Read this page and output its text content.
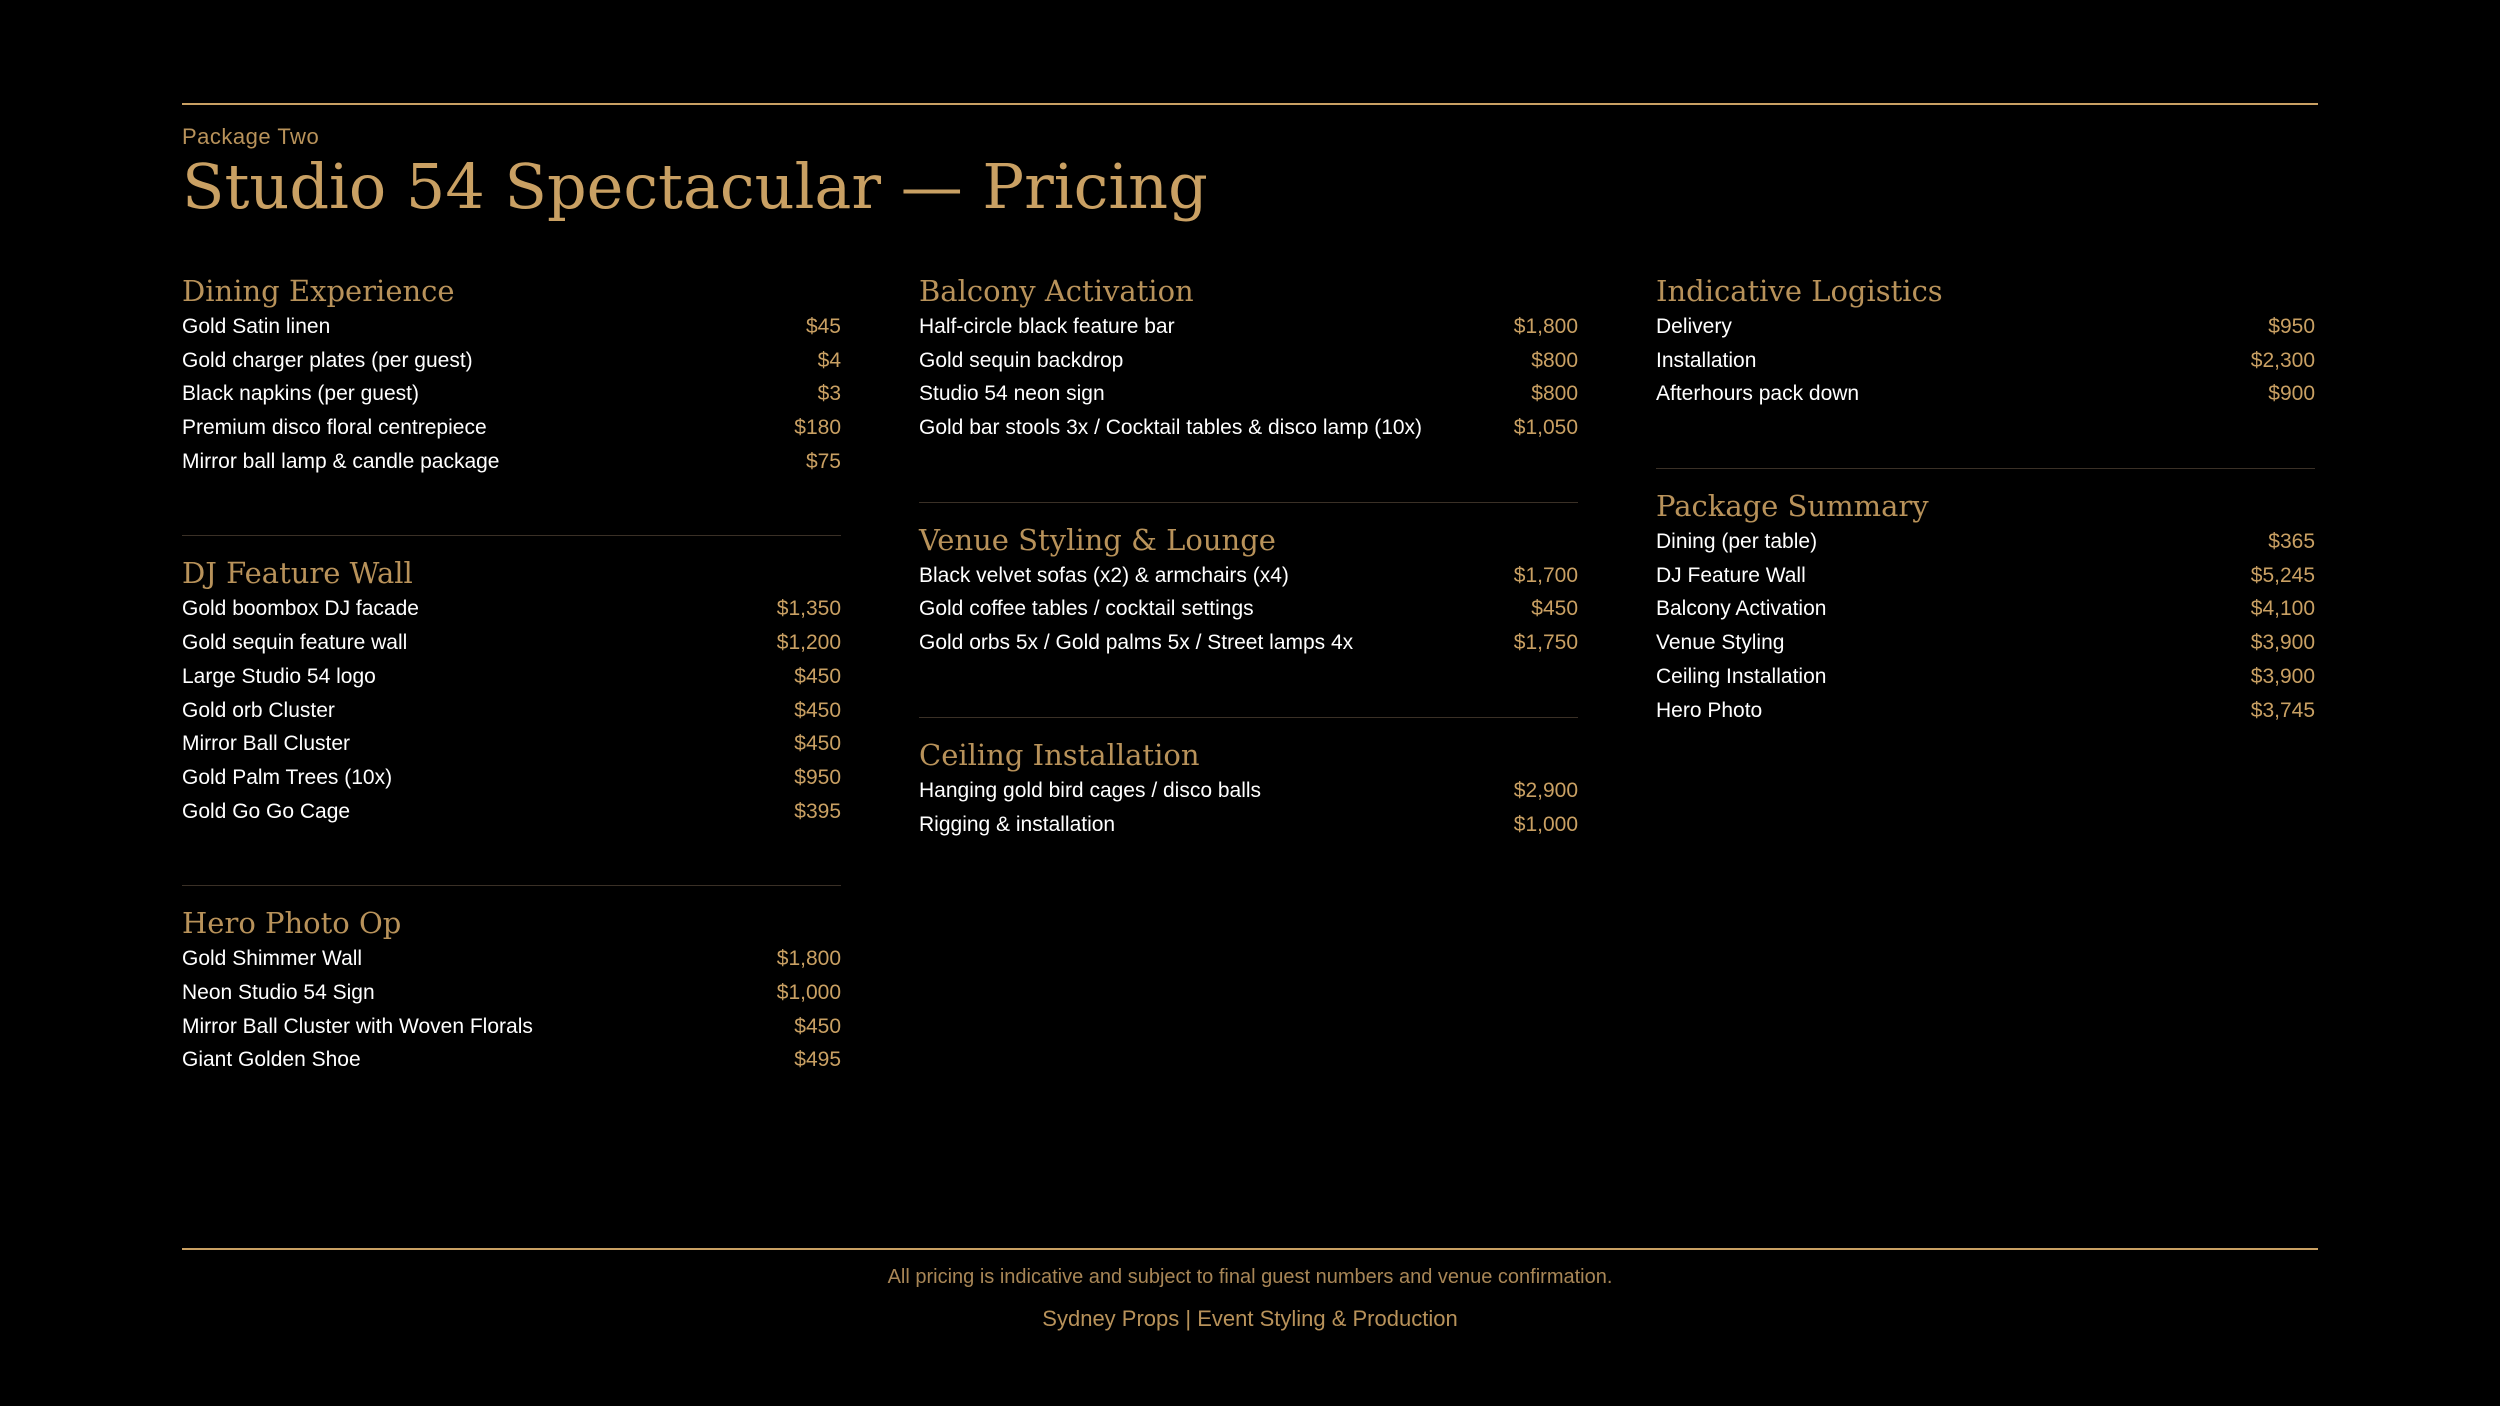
Package Two
Studio 54 Spectacular — Pricing
Dining Experience
Gold Satin linen	$45
Gold charger plates (per guest)	$4
Black napkins (per guest)	$3
Premium disco floral centrepiece	$180
Mirror ball lamp & candle package	$75
DJ Feature Wall
Gold boombox DJ facade	$1,350
Gold sequin feature wall	$1,200
Large Studio 54 logo	$450
Gold orb Cluster	$450
Mirror Ball Cluster	$450
Gold Palm Trees (10x)	$950
Gold Go Go Cage	$395
Hero Photo Op
Gold Shimmer Wall	$1,800
Neon Studio 54 Sign	$1,000
Mirror Ball Cluster with Woven Florals	$450
Giant Golden Shoe	$495
Balcony Activation
Half-circle black feature bar	$1,800
Gold sequin backdrop	$800
Studio 54 neon sign	$800
Gold bar stools 3x / Cocktail tables & disco lamp (10x)	$1,050
Venue Styling & Lounge
Black velvet sofas (x2) & armchairs (x4)	$1,700
Gold coffee tables / cocktail settings	$450
Gold orbs 5x / Gold palms 5x / Street lamps 4x	$1,750
Ceiling Installation
Hanging gold bird cages / disco balls	$2,900
Rigging & installation	$1,000
Indicative Logistics
Delivery	$950
Installation	$2,300
Afterhours pack down	$900
Package Summary
Dining (per table)	$365
DJ Feature Wall	$5,245
Balcony Activation	$4,100
Venue Styling	$3,900
Ceiling Installation	$3,900
Hero Photo	$3,745
All pricing is indicative and subject to final guest numbers and venue confirmation.
Sydney Props | Event Styling & Production
